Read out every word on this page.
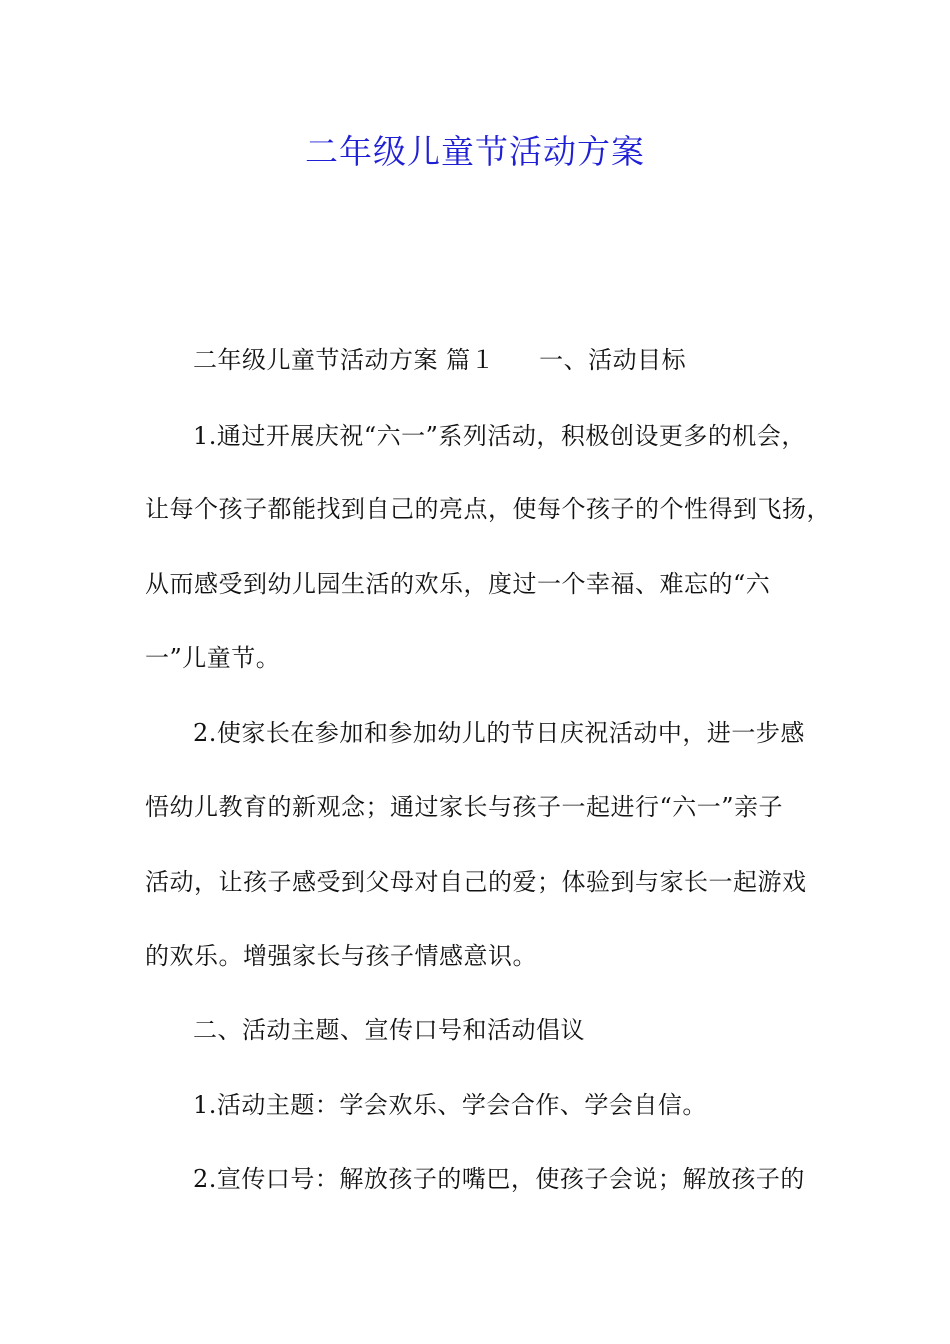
二年级儿童节活动方案
二年级儿童节活动方案 篇１ 一、活动目标
1.通过开展庆祝“六一”系列活动，积极创设更多的机会，
让每个孩子都能找到自己的亮点，使每个孩子的个性得到飞扬，
从而感受到幼儿园生活的欢乐，度过一个幸福、难忘的“六
一”儿童节。
2.使家长在参加和参加幼儿的节日庆祝活动中，进一步感
悟幼儿教育的新观念；通过家长与孩子一起进行“六一”亲子
活动，让孩子感受到父母对自己的爱；体验到与家长一起游戏
的欢乐。增强家长与孩子情感意识。
二、活动主题、宣传口号和活动倡议
1.活动主题：学会欢乐、学会合作、学会自信。
2.宣传口号：解放孩子的嘴巴，使孩子会说；解放孩子的
